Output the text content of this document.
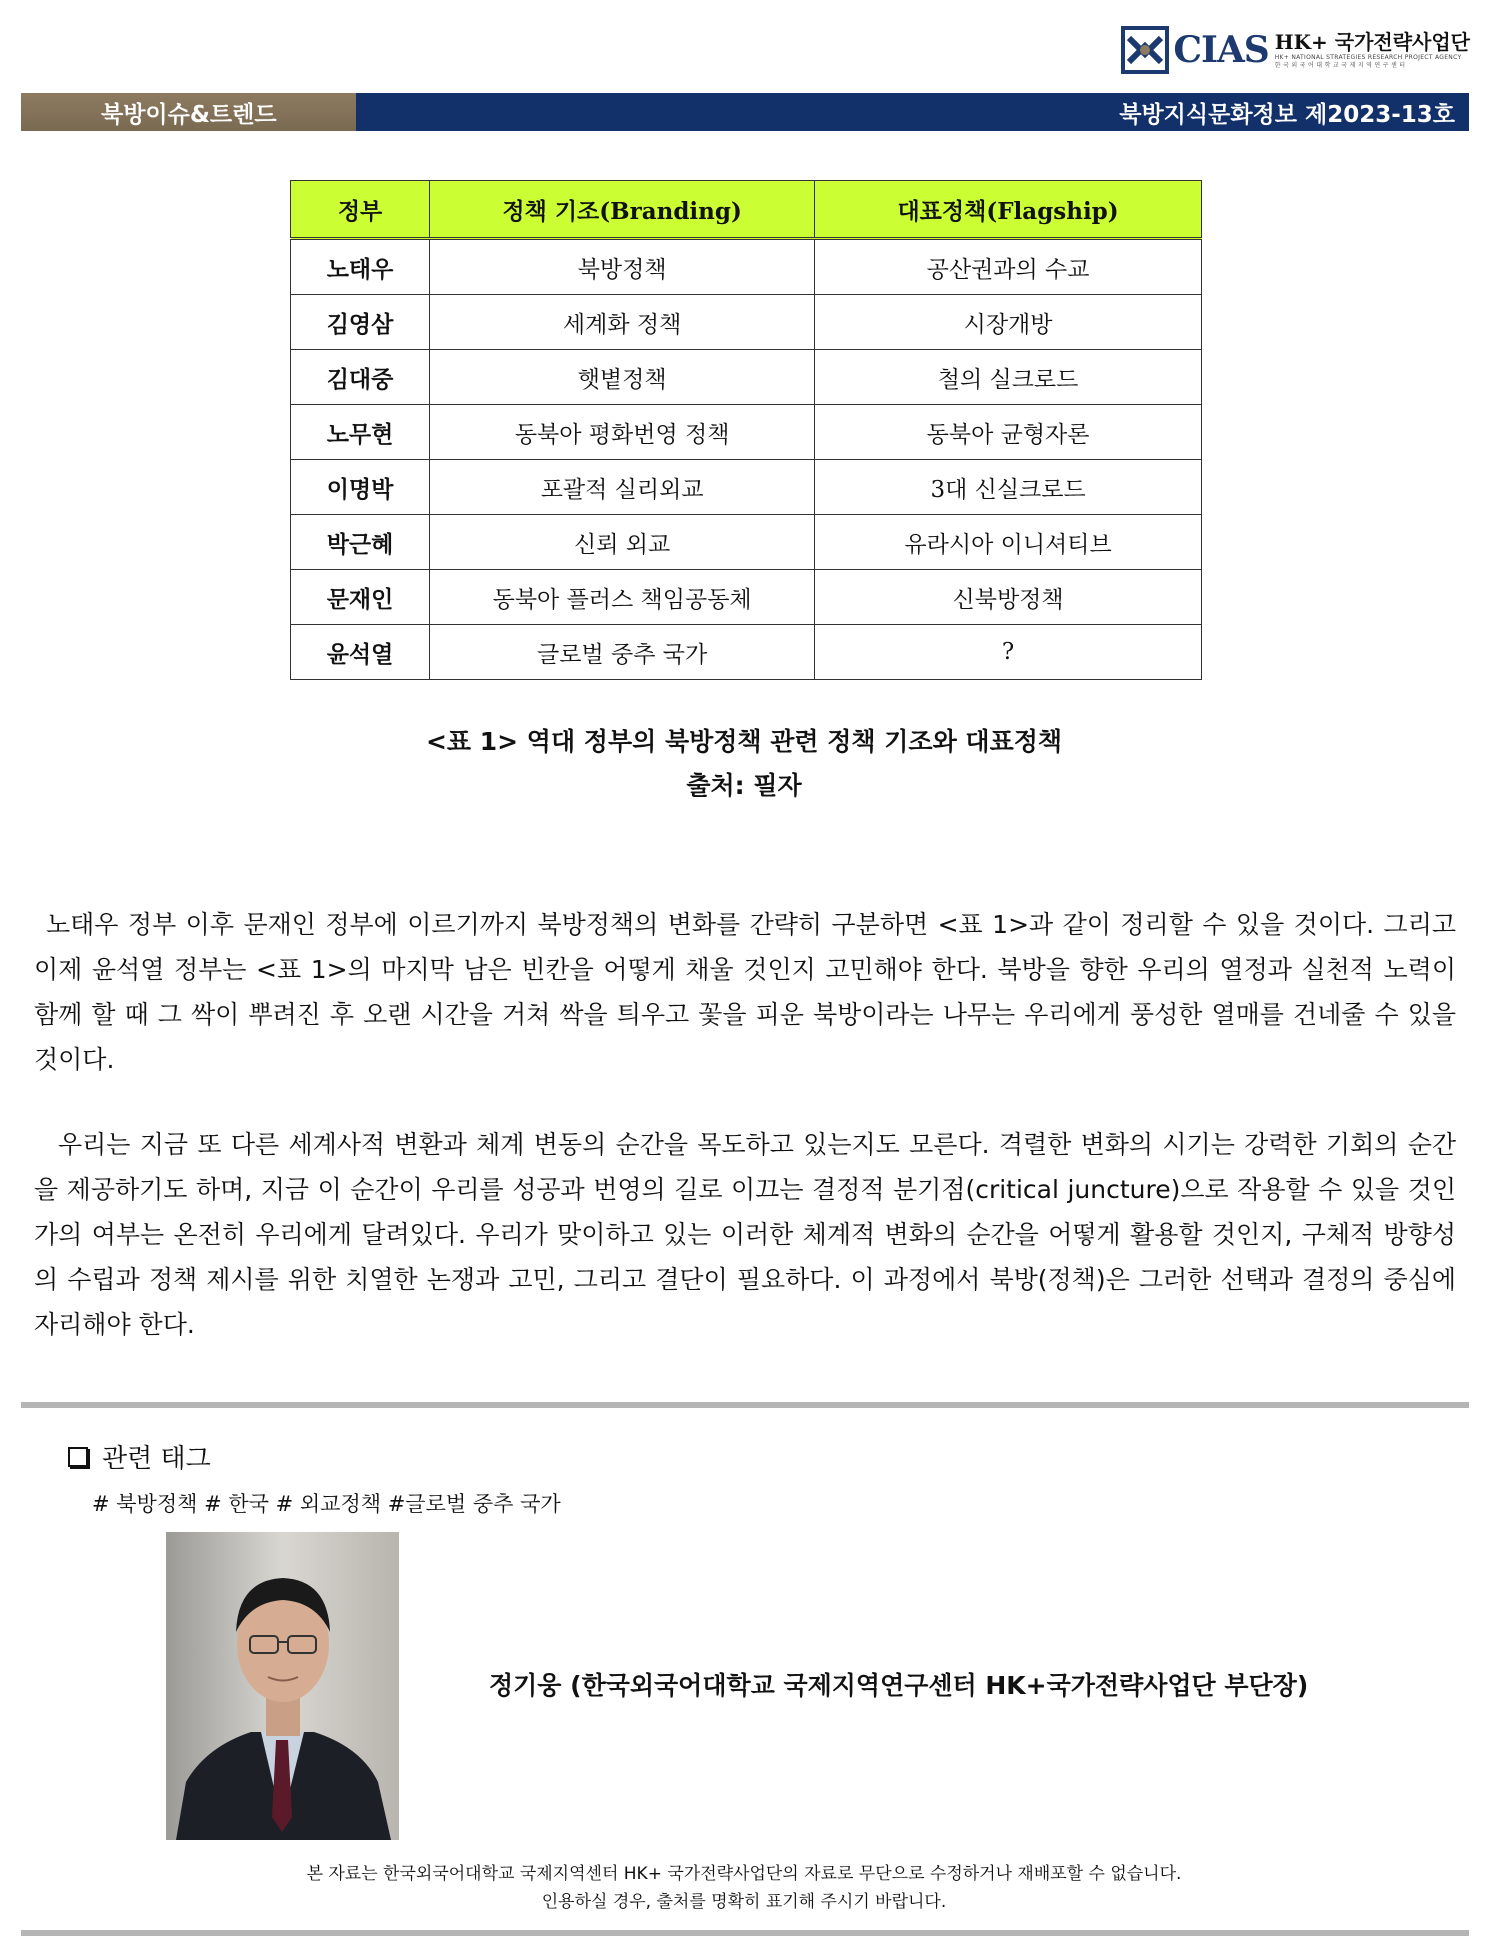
CIAS HK+ 국가전략사업단
HK+ NATIONAL STRATEGIES RESEARCH PROJECT AGENCY
한 국 외 국 어 대 학 교 국 제 지 역 연 구 센 터
북방이슈&트렌드	북방지식문화정보 제2023-13호
정부	정책 기조(Branding)	대표정책(Flagship)
노태우	북방정책	공산권과의 수교
김영삼	세계화 정책	시장개방
김대중	햇볕정책	철의 실크로드
노무현	동북아 평화번영 정책	동북아 균형자론
이명박	포괄적 실리외교	3대 신실크로드
박근혜	신뢰 외교	유라시아 이니셔티브
문재인	동북아 플러스 책임공동체	신북방정책
윤석열	글로벌 중추 국가	?
<표 1> 역대 정부의 북방정책 관련 정책 기조와 대표정책
출처: 필자

노태우 정부 이후 문재인 정부에 이르기까지 북방정책의 변화를 간략히 구분하면 <표 1>과 같이 정리할 수 있을 것이다. 그리고 이제 윤석열 정부는 <표 1>의 마지막 남은 빈칸을 어떻게 채울 것인지 고민해야 한다. 북방을 향한 우리의 열정과 실천적 노력이 함께 할 때 그 싹이 뿌려진 후 오랜 시간을 거쳐 싹을 틔우고 꽃을 피운 북방이라는 나무는 우리에게 풍성한 열매를 건네줄 수 있을 것이다.

우리는 지금 또 다른 세계사적 변환과 체계 변동의 순간을 목도하고 있는지도 모른다. 격렬한 변화의 시기는 강력한 기회의 순간을 제공하기도 하며, 지금 이 순간이 우리를 성공과 번영의 길로 이끄는 결정적 분기점(critical juncture)으로 작용할 수 있을 것인가의 여부는 온전히 우리에게 달려있다. 우리가 맞이하고 있는 이러한 체계적 변화의 순간을 어떻게 활용할 것인지, 구체적 방향성의 수립과 정책 제시를 위한 치열한 논쟁과 고민, 그리고 결단이 필요하다. 이 과정에서 북방(정책)은 그러한 선택과 결정의 중심에 자리해야 한다.

관련 태그
# 북방정책 # 한국 # 외교정책 #글로벌 중추 국가
정기웅 (한국외국어대학교 국제지역연구센터 HK+국가전략사업단 부단장)
본 자료는 한국외국어대학교 국제지역센터 HK+ 국가전략사업단의 자료로 무단으로 수정하거나 재배포할 수 없습니다.
인용하실 경우, 출처를 명확히 표기해 주시기 바랍니다.
